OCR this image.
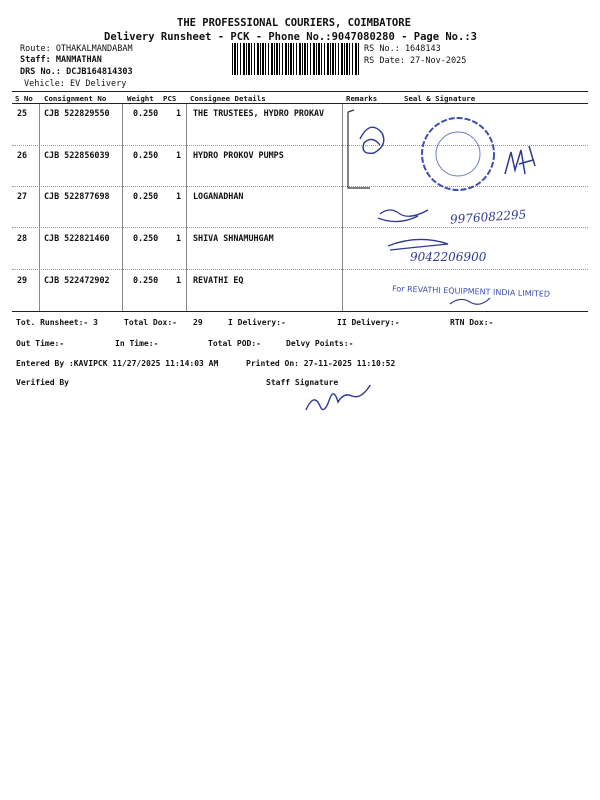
THE PROFESSIONAL COURIERS, COIMBATORE
Delivery Runsheet - PCK - Phone No.:9047080280 - Page No.:3
Route: OTHAKALMANDABAM
Staff: MANMATHAN
DRS No.: DCJB164814303
Vehicle: EV Delivery
RS No.: 1648143
RS Date: 27-Nov-2025
S No Consignment No	Weight PCS Consignee Details	Remarks	Seal & Signature
25 CJB 522829550	0.250 1 THE TRUSTEES, HYDRO PROKAV
26 CJB 522856039	0.250 1 HYDRO PROKOV PUMPS
27 CJB 522877698	0.250 1 LOGANADHAN
28 CJB 522821460	0.250 1 SHIVA SHNAMUHGAM
29 CJB 522472902	0.250 1 REVATHI EQ
9976082295
9042206900
For REVATHI EQUIPMENT INDIA LIMITED
Tot. Runsheet:- 3	Total Dox:- 29	I Delivery:-	II Delivery:-	RTN Dox:-
Out Time:-	In Time:-	Total POD:-	Delvy Points:-
Entered By :KAVIPCK 11/27/2025 11:14:03 AM	Printed On: 27-11-2025 11:10:52
Verified By	Staff Signature
